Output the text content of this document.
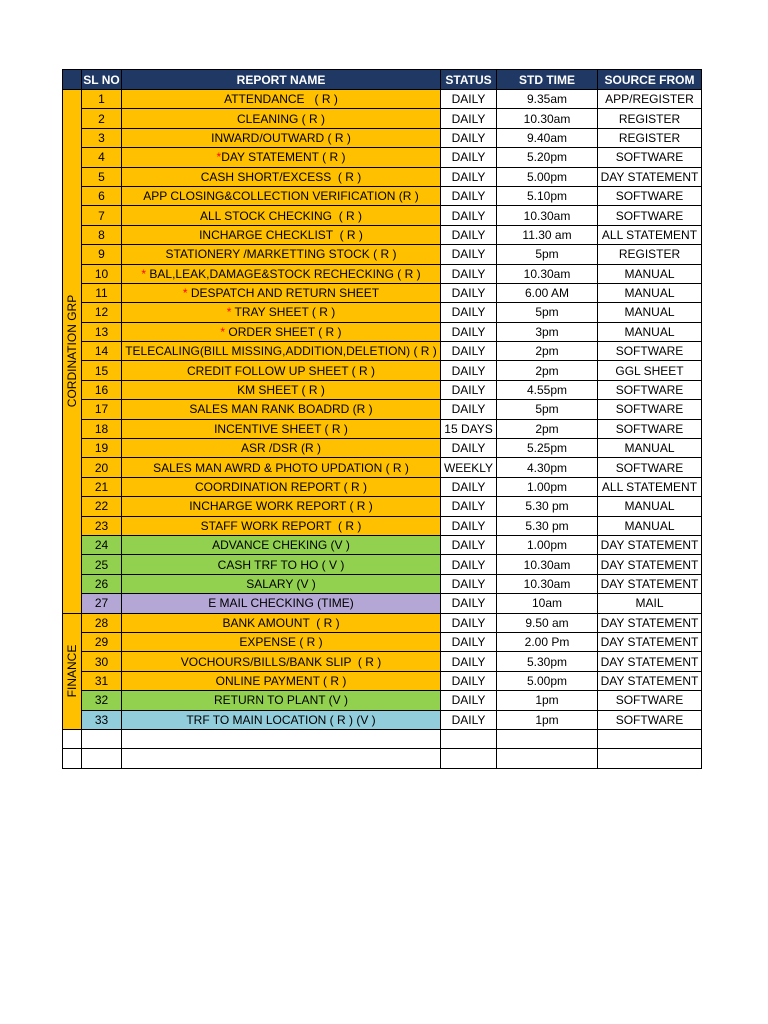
	SL NO	REPORT NAME	STATUS	STD TIME	SOURCE FROM

CORDINATION GRP	1	ATTENDANCE   ( R )	DAILY	9.35am	APP/REGISTER
	2	CLEANING ( R )	DAILY	10.30am	REGISTER
	3	INWARD/OUTWARD ( R )	DAILY	9.40am	REGISTER
	4	*DAY STATEMENT ( R )	DAILY	5.20pm	SOFTWARE
	5	CASH SHORT/EXCESS  ( R )	DAILY	5.00pm	DAY STATEMENT
	6	APP CLOSING&COLLECTION VERIFICATION (R )	DAILY	5.10pm	SOFTWARE
	7	ALL STOCK CHECKING  ( R )	DAILY	10.30am	SOFTWARE
	8	INCHARGE CHECKLIST  ( R )	DAILY	11.30 am	ALL STATEMENT
	9	STATIONERY /MARKETTING STOCK ( R )	DAILY	5pm	REGISTER
	10	* BAL,LEAK,DAMAGE&STOCK RECHECKING ( R )	DAILY	10.30am	MANUAL
	11	* DESPATCH AND RETURN SHEET	DAILY	6.00 AM	MANUAL
	12	* TRAY SHEET ( R )	DAILY	5pm	MANUAL
	13	* ORDER SHEET ( R )	DAILY	3pm	MANUAL
	14	TELECALING(BILL MISSING,ADDITION,DELETION) ( R )	DAILY	2pm	SOFTWARE
	15	CREDIT FOLLOW UP SHEET ( R )	DAILY	2pm	GGL SHEET
	16	KM SHEET ( R )	DAILY	4.55pm	SOFTWARE
	17	SALES MAN RANK BOADRD (R )	DAILY	5pm	SOFTWARE
	18	INCENTIVE SHEET ( R )	15 DAYS	2pm	SOFTWARE
	19	ASR /DSR (R )	DAILY	5.25pm	MANUAL
	20	SALES MAN AWRD & PHOTO UPDATION ( R )	WEEKLY	4.30pm	SOFTWARE
	21	COORDINATION REPORT ( R )	DAILY	1.00pm	ALL STATEMENT
	22	INCHARGE WORK REPORT ( R )	DAILY	5.30 pm	MANUAL
	23	STAFF WORK REPORT  ( R )	DAILY	5.30 pm	MANUAL
	24	ADVANCE CHEKING (V )	DAILY	1.00pm	DAY STATEMENT
	25	CASH TRF TO HO ( V )	DAILY	10.30am	DAY STATEMENT
	26	SALARY (V )	DAILY	10.30am	DAY STATEMENT
	27	E MAIL CHECKING (TIME)	DAILY	10am	MAIL

FINANCE	28	BANK AMOUNT  ( R )	DAILY	9.50 am	DAY STATEMENT
	29	EXPENSE ( R )	DAILY	2.00 Pm	DAY STATEMENT
	30	VOCHOURS/BILLS/BANK SLIP  ( R )	DAILY	5.30pm	DAY STATEMENT
	31	ONLINE PAYMENT ( R )	DAILY	5.00pm	DAY STATEMENT
	32	RETURN TO PLANT (V )	DAILY	1pm	SOFTWARE
	33	TRF TO MAIN LOCATION ( R ) (V )	DAILY	1pm	SOFTWARE
